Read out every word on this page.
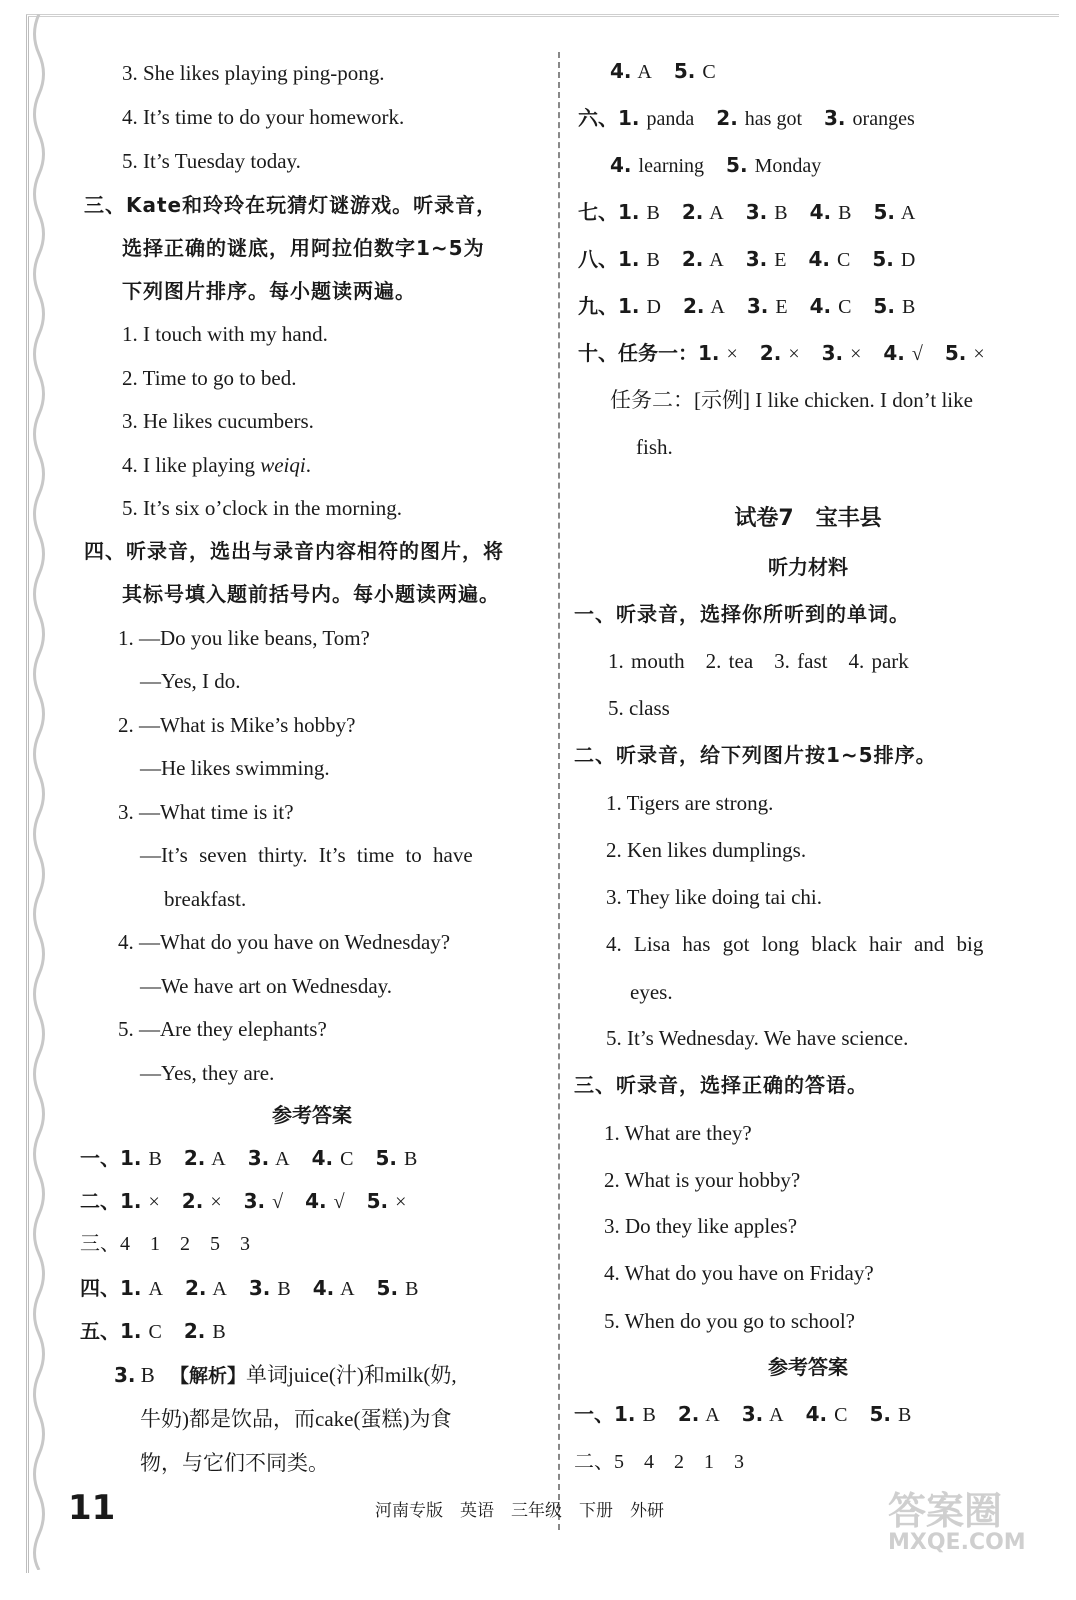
3. She likes playing ping-pong.
4. It’s time to do your homework.
5. It’s Tuesday today.
三、Kate和玲玲在玩猜灯谜游戏。听录音，
选择正确的谜底，用阿拉伯数字1~5为
下列图片排序。每小题读两遍。
1. I touch with my hand.
2. Time to go to bed.
3. He likes cucumbers.
4. I like playing weiqi.
5. It’s six o’clock in the morning.
四、听录音，选出与录音内容相符的图片，将
其标号填入题前括号内。每小题读两遍。
1. —Do you like beans, Tom?
—Yes, I do.
2. —What is Mike’s hobby?
—He likes swimming.
3. —What time is it?
—It’s seven thirty. It’s time to have
breakfast.
4. —What do you have on Wednesday?
—We have art on Wednesday.
5. —Are they elephants?
—Yes, they are.
参考答案
一、1. B 2. A 3. A 4. C 5. B
二、1. × 2. × 3. √ 4. √ 5. ×
三、4　1　2　5　3
四、1. A 2. A 3. B 4. A 5. B
五、1. C 2. B
3. B 【解析】单词juice(汁)和milk(奶,
牛奶)都是饮品，而cake(蛋糕)为食
物，与它们不同类。
4. A 5. C
六、1. panda 2. has got 3. oranges
4. learning 5. Monday
七、1. B 2. A 3. B 4. B 5. A
八、1. B 2. A 3. E 4. C 5. D
九、1. D 2. A 3. E 4. C 5. B
十、任务一：1. × 2. × 3. × 4. √ 5. ×
任务二：[示例] I like chicken. I don’t like
fish.
试卷7　宝丰县
听力材料
一、听录音，选择你所听到的单词。
1. mouth　2. tea　3. fast　4. park
5. class
二、听录音，给下列图片按1~5排序。
1. Tigers are strong.
2. Ken likes dumplings.
3. They like doing tai chi.
4. Lisa has got long black hair and big
eyes.
5. It’s Wednesday. We have science.
三、听录音，选择正确的答语。
1. What are they?
2. What is your hobby?
3. Do they like apples?
4. What do you have on Friday?
5. When do you go to school?
参考答案
一、1. B 2. A 3. A 4. C 5. B
二、5　4　2　1　3
11	河南专版　英语　三年级　下册　外研	答案圈
MXQE.COM
